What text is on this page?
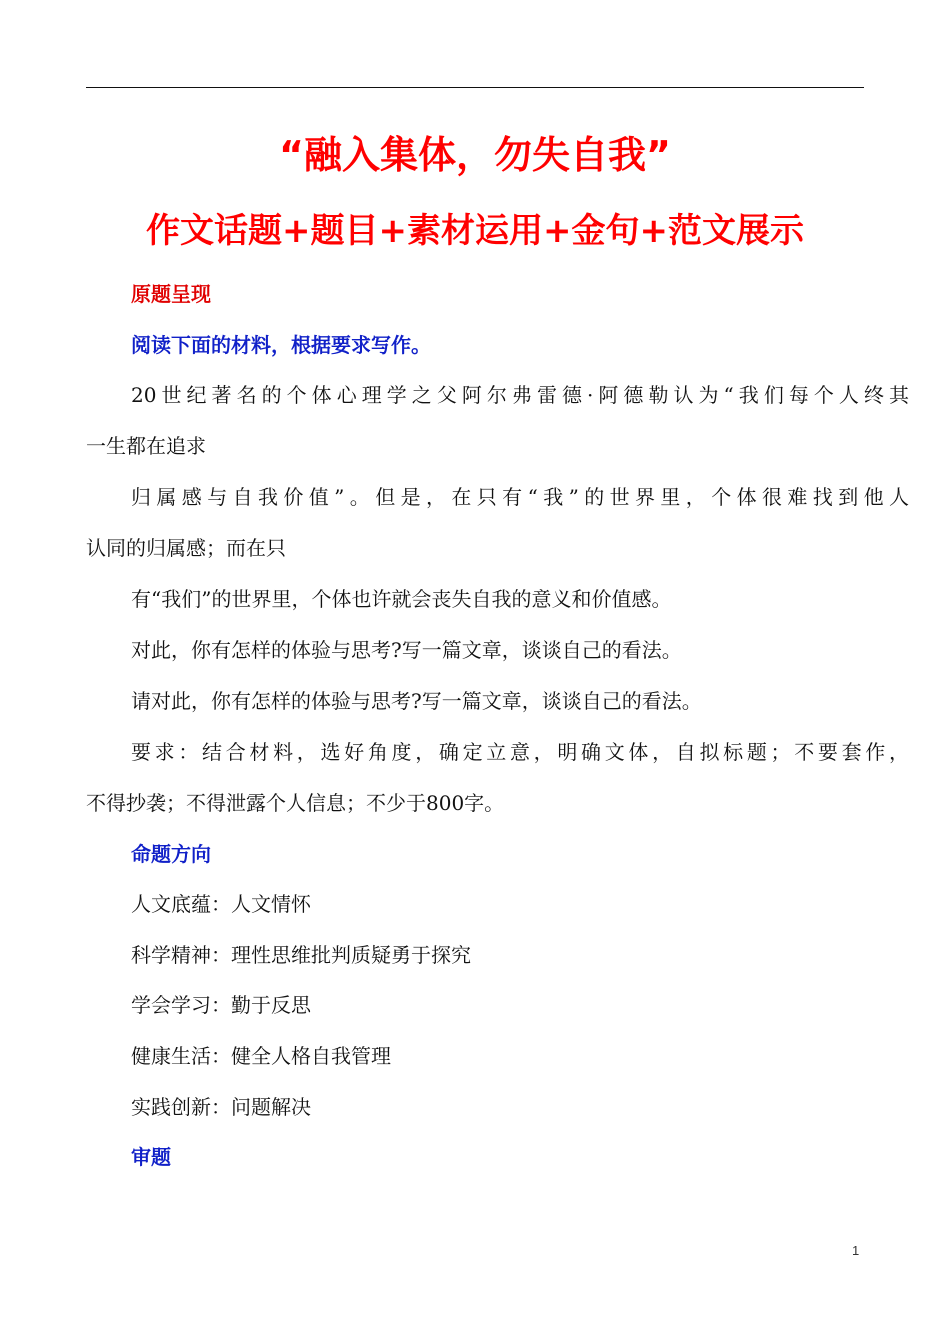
“融入集体，勿失自我”
作文话题+题目+素材运用+金句+范文展示
原题呈现
阅读下面的材料，根据要求写作。
20世纪著名的个体心理学之父阿尔弗雷德·阿德勒认为“我们每个人终其
一生都在追求
归属感与自我价值”。但是，在只有“我”的世界里，个体很难找到他人
认同的归属感；而在只
有“我们”的世界里，个体也许就会丧失自我的意义和价值感。
对此，你有怎样的体验与思考?写一篇文章，谈谈自己的看法。
请对此，你有怎样的体验与思考?写一篇文章，谈谈自己的看法。
要求：结合材料，选好角度，确定立意，明确文体，自拟标题；不要套作，
不得抄袭；不得泄露个人信息；不少于800字。
命题方向
人文底蕴：人文情怀
科学精神：理性思维批判质疑勇于探究
学会学习：勤于反思
健康生活：健全人格自我管理
实践创新：问题解决
审题
1
